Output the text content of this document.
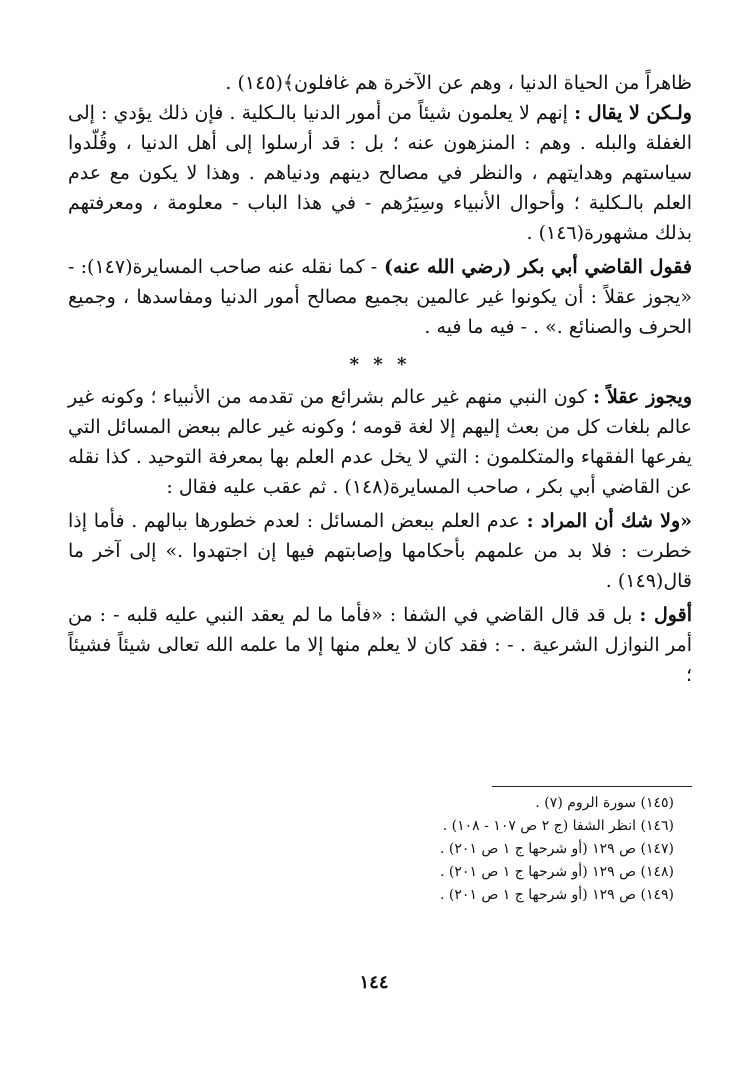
ظاهراً من الحياة الدنيا ، وهم عن الآخرة هم غافلون﴾(١٤٥) .

ولـكن لا يقال : إنهم لا يعلمون شيئاً من أمور الدنيا بالـكلية . فإن ذلك يؤدي : إلى الغفلة والبله . وهم : المنزهون عنه ؛ بل : قد أرسلوا إلى أهل الدنيا ، وقُلّدوا سياستهم وهدايتهم ، والنظر في مصالح دينهم ودنياهم . وهذا لا يكون مع عدم العلم بالـكلية ؛ وأحوال الأنبياء وسِيَرُهم - في هذا الباب - معلومة ، ومعرفتهم بذلك مشهورة(١٤٦) .

فقول القاضي أبي بكر (رضي الله عنه) - كما نقله عنه صاحب المسايرة(١٤٧): - «يجوز عقلاً : أن يكونوا غير عالمين بجميع مصالح أمور الدنيا ومفاسدها ، وجميع الحرف والصنائع .» . - فيه ما فيه .

* * *

ويجوز عقلاً : كون النبي منهم غير عالم بشرائع من تقدمه من الأنبياء ؛ وكونه غير عالم بلغات كل من بعث إليهم إلا لغة قومه ؛ وكونه غير عالم ببعض المسائل التي يفرعها الفقهاء والمتكلمون : التي لا يخل عدم العلم بها بمعرفة التوحيد . كذا نقله عن القاضي أبي بكر ، صاحب المسايرة(١٤٨) . ثم عقب عليه فقال :

«ولا شك أن المراد : عدم العلم ببعض المسائل : لعدم خطورها ببالهم . فأما إذا خطرت : فلا بد من علمهم بأحكامها وإصابتهم فيها إن اجتهدوا .» إلى آخر ما قال(١٤٩) .

أقول : بل قد قال القاضي في الشفا : «فأما ما لم يعقد النبي عليه قلبه - : من أمر النوازل الشرعية . - : فقد كان لا يعلم منها إلا ما علمه الله تعالى شيئاً فشيئاً ؛

(١٤٥) سورة الروم (٧) .

(١٤٦) انظر الشفا (ج ٢ ص ١٠٧ - ١٠٨) .

(١٤٧) ص ١٢٩ (أو شرحها ج ١ ص ٢٠١) .

(١٤٨) ص ١٢٩ (أو شرحها ج ١ ص ٢٠١) .

(١٤٩) ص ١٢٩ (أو شرحها ج ١ ص ٢٠١) .

١٤٤
